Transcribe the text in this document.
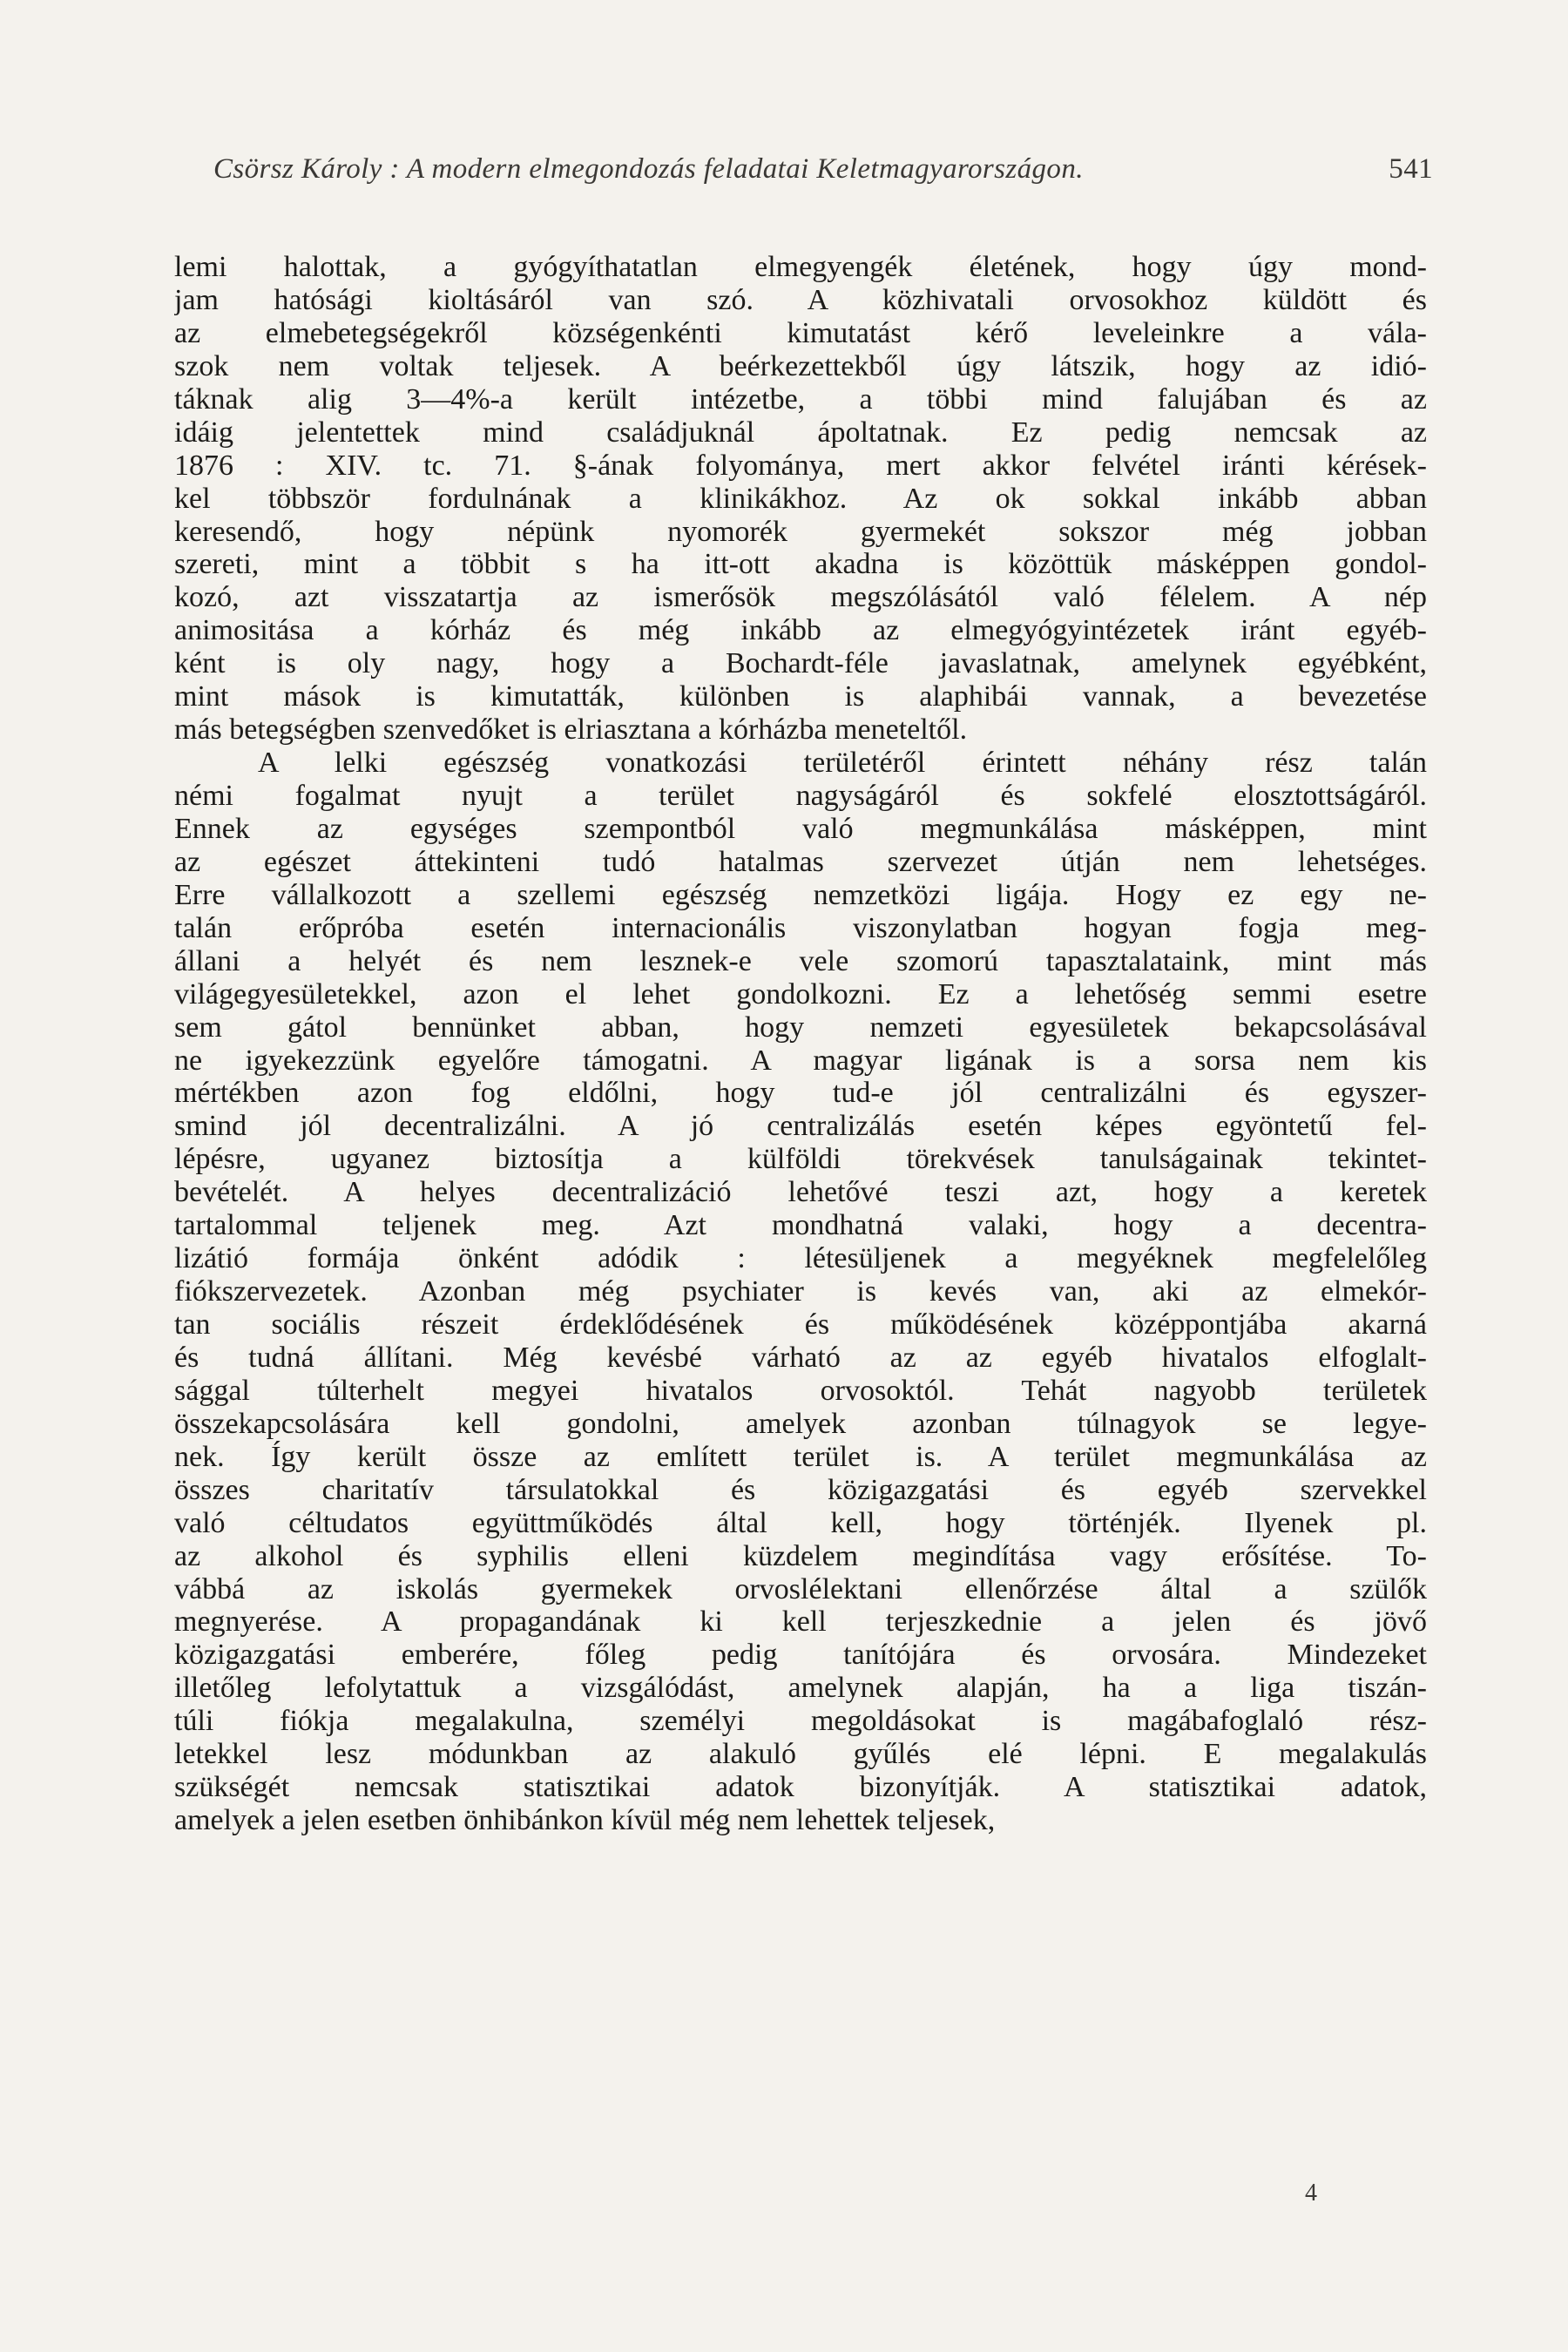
Csörsz Károly : A modern elmegondozás feladatai Keletmagyarországon.	541
lemi halottak, a gyógyíthatatlan elmegyengék életének, hogy úgy mond-
jam hatósági kioltásáról van szó. A közhivatali orvosokhoz küldött és
az elmebetegségekről községenkénti kimutatást kérő leveleinkre a vála-
szok nem voltak teljesek. A beérkezettekből úgy látszik, hogy az idió-
táknak alig 3—4%-a került intézetbe, a többi mind falujában és az
idáig jelentettek mind családjuknál ápoltatnak. Ez pedig nemcsak az
1876 : XIV. tc. 71. §-ának folyománya, mert akkor felvétel iránti kérések-
kel többször fordulnának a klinikákhoz. Az ok sokkal inkább abban
keresendő, hogy népünk nyomorék gyermekét sokszor még jobban
szereti, mint a többit s ha itt-ott akadna is közöttük másképpen gondol-
kozó, azt visszatartja az ismerősök megszólásától való félelem. A nép
animositása a kórház és még inkább az elmegyógyintézetek iránt egyéb-
ként is oly nagy, hogy a Bochardt-féle javaslatnak, amelynek egyébként,
mint mások is kimutatták, különben is alaphibái vannak, a bevezetése
más betegségben szenvedőket is elriasztana a kórházba meneteltől.
A lelki egészség vonatkozási területéről érintett néhány rész talán
némi fogalmat nyujt a terület nagyságáról és sokfelé elosztottságáról.
Ennek az egységes szempontból való megmunkálása másképpen, mint
az egészet áttekinteni tudó hatalmas szervezet útján nem lehetséges.
Erre vállalkozott a szellemi egészség nemzetközi ligája. Hogy ez egy ne-
talán erőpróba esetén internacionális viszonylatban hogyan fogja meg-
állani a helyét és nem lesznek-e vele szomorú tapasztalataink, mint más
világegyesületekkel, azon el lehet gondolkozni. Ez a lehetőség semmi esetre
sem gátol bennünket abban, hogy nemzeti egyesületek bekapcsolásával
ne igyekezzünk egyelőre támogatni. A magyar ligának is a sorsa nem kis
mértékben azon fog eldőlni, hogy tud-e jól centralizálni és egyszer-
smind jól decentralizálni. A jó centralizálás esetén képes egyöntetű fel-
lépésre, ugyanez biztosítja a külföldi törekvések tanulságainak tekintet-
bevételét. A helyes decentralizáció lehetővé teszi azt, hogy a keretek
tartalommal teljenek meg. Azt mondhatná valaki, hogy a decentra-
lizátió formája önként adódik : létesüljenek a megyéknek megfelelőleg
fiókszervezetek. Azonban még psychiater is kevés van, aki az elmekór-
tan sociális részeit érdeklődésének és működésének középpontjába akarná
és tudná állítani. Még kevésbé várható az az egyéb hivatalos elfoglalt-
sággal túlterhelt megyei hivatalos orvosoktól. Tehát nagyobb területek
összekapcsolására kell gondolni, amelyek azonban túlnagyok se legye-
nek. Így került össze az említett terület is. A terület megmunkálása az
összes charitatív társulatokkal és közigazgatási és egyéb szervekkel
való céltudatos együttműködés által kell, hogy történjék. Ilyenek pl.
az alkohol és syphilis elleni küzdelem megindítása vagy erősítése. To-
vábbá az iskolás gyermekek orvoslélektani ellenőrzése által a szülők
megnyerése. A propagandának ki kell terjeszkednie a jelen és jövő
közigazgatási emberére, főleg pedig tanítójára és orvosára. Mindezeket
illetőleg lefolytattuk a vizsgálódást, amelynek alapján, ha a liga tiszán-
túli fiókja megalakulna, személyi megoldásokat is magábafoglaló rész-
letekkel lesz módunkban az alakuló gyűlés elé lépni. E megalakulás
szükségét nemcsak statisztikai adatok bizonyítják. A statisztikai adatok,
amelyek a jelen esetben önhibánkon kívül még nem lehettek teljesek,
4
